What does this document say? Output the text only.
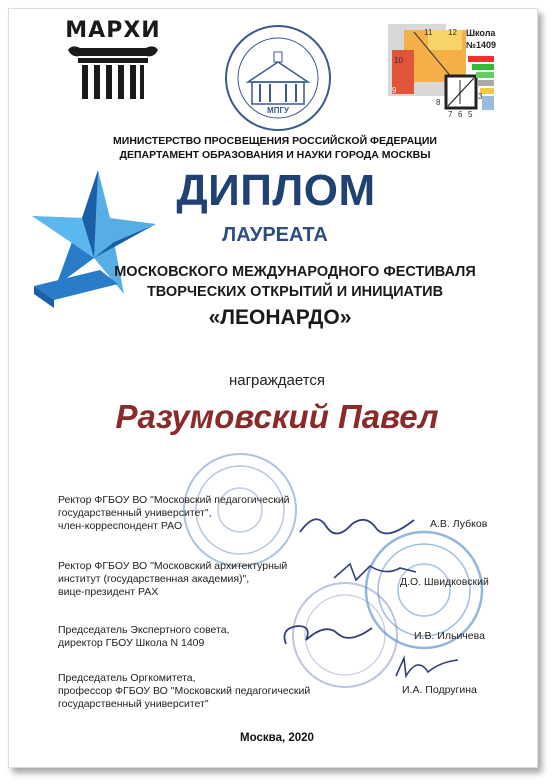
МАРХИ
МПГУ
Школа
№1409
11 12
10
9
3
8
7 6 5
МИНИСТЕРСТВО ПРОСВЕЩЕНИЯ РОССИЙСКОЙ ФЕДЕРАЦИИ
ДЕПАРТАМЕНТ ОБРАЗОВАНИЯ И НАУКИ ГОРОДА МОСКВЫ
ДИПЛОМ
ЛАУРЕАТА
МОСКОВСКОГО МЕЖДУНАРОДНОГО ФЕСТИВАЛЯ
ТВОРЧЕСКИХ ОТКРЫТИЙ И ИНИЦИАТИВ
«ЛЕОНАРДО»
награждается
Разумовский Павел
Ректор ФГБОУ ВО "Московский педагогический
государственный университет",
член-корреспондент РАО	А.В. Лубков
Ректор ФГБОУ ВО "Московский архитектурный
институт (государственная академия)",
вице-президент РАХ
Д.О. Швидковский
Председатель Экспертного совета,
директор ГБОУ Школа N 1409
И.В. Ильичева
Председатель Оргкомитета,
профессор ФГБОУ ВО "Московский педагогический
государственный университет"
И.А. Подругина
Москва, 2020
